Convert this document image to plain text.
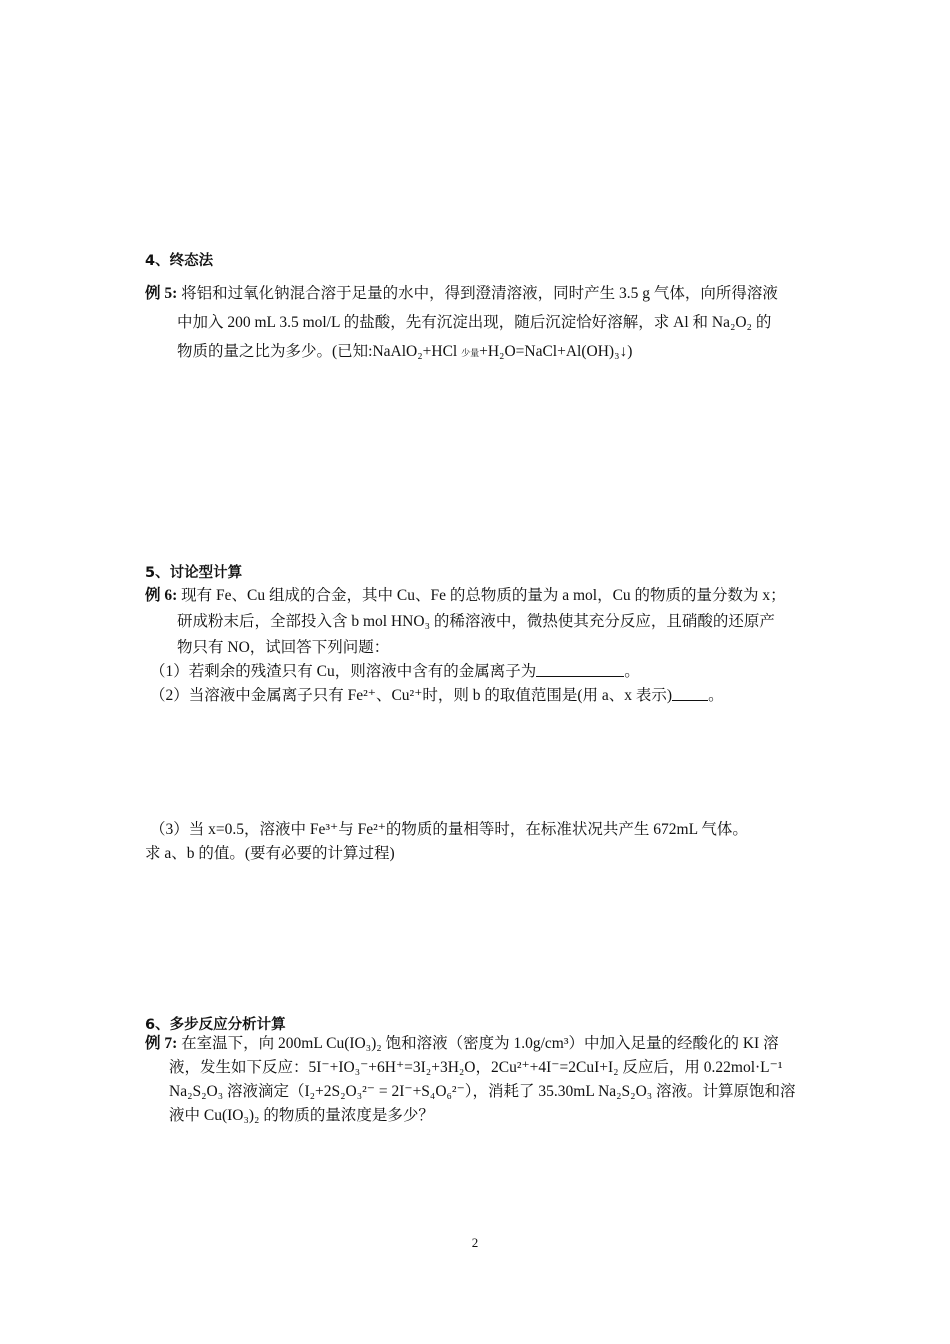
4、终态法
例 5: 将铝和过氧化钠混合溶于足量的水中，得到澄清溶液，同时产生 3.5 g 气体，向所得溶液
中加入 200 mL 3.5 mol/L 的盐酸，先有沉淀出现，随后沉淀恰好溶解，求 Al 和 Na₂O₂ 的
物质的量之比为多少。(已知:NaAlO₂+HCl 少量+H₂O=NaCl+Al(OH)₃↓)
5、讨论型计算
例 6: 现有 Fe、Cu 组成的合金，其中 Cu、Fe 的总物质的量为 a mol，Cu 的物质的量分数为 x；
研成粉末后，全部投入含 b mol HNO₃ 的稀溶液中，微热使其充分反应，且硝酸的还原产
物只有 NO，试回答下列问题：
（1）若剩余的残渣只有 Cu，则溶液中含有的金属离子为	。
（2）当溶液中金属离子只有 Fe²⁺、Cu²⁺时，则 b 的取值范围是(用 a、x 表示) 。
（3）当 x=0.5，溶液中 Fe³⁺与 Fe²⁺的物质的量相等时，在标准状况共产生 672mL 气体。
求 a、b 的值。(要有必要的计算过程)
6、多步反应分析计算
例 7: 在室温下，向 200mL Cu(IO₃)₂ 饱和溶液（密度为 1.0g/cm³）中加入足量的经酸化的 KI 溶
液，发生如下反应：5I⁻+IO₃⁻+6H⁺=3I₂+3H₂O，2Cu²⁺+4I⁻=2CuI+I₂ 反应后，用 0.22mol·L⁻¹
Na₂S₂O₃ 溶液滴定（I₂+2S₂O₃²⁻ = 2I⁻+S₄O₆²⁻），消耗了 35.30mL Na₂S₂O₃ 溶液。计算原饱和溶
液中 Cu(IO₃)₂ 的物质的量浓度是多少？
2
